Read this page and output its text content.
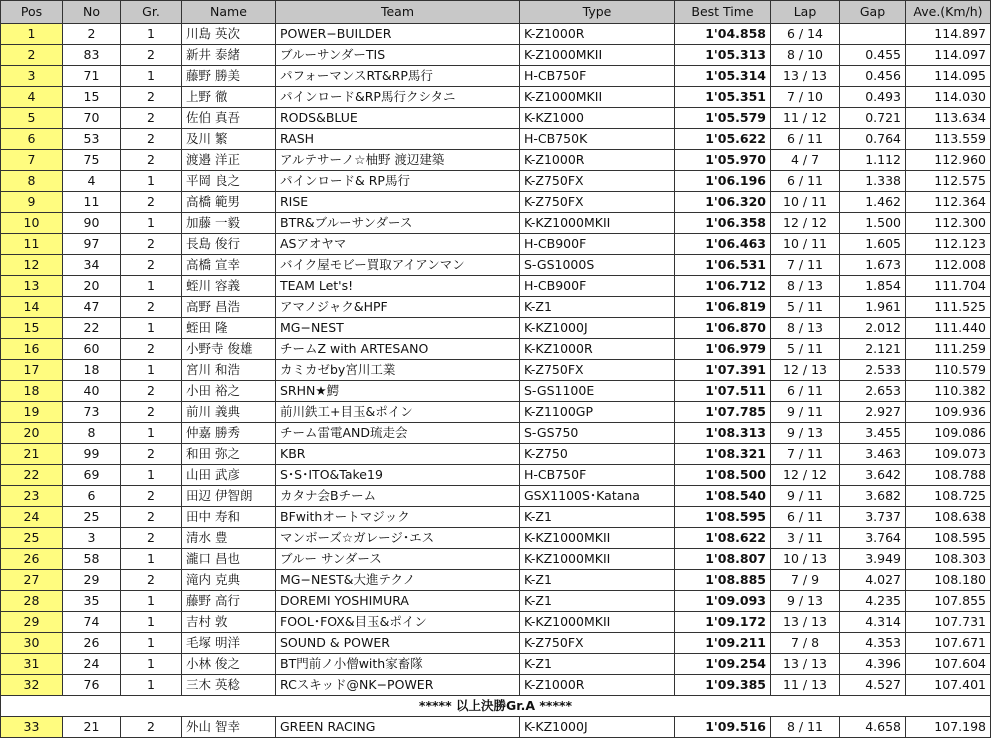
Pos	No	Gr.	Name	Team	Type	Best Time	Lap	Gap	Ave.(Km/h)
1	2	1	川島 英次	POWER−BUILDER	K-Z1000R	1'04.858	6 / 14		114.897
2	83	2	新井 泰緒	ブルーサンダーTIS	K-Z1000MKII	1'05.313	8 / 10	0.455	114.097
3	71	1	藤野 勝美	パフォーマンスRT&RP馬行	H-CB750F	1'05.314	13 / 13	0.456	114.095
4	15	2	上野 徹	パインロード&RP馬行クシタニ	K-Z1000MKII	1'05.351	7 / 10	0.493	114.030
5	70	2	佐伯 真吾	RODS&BLUE	K-KZ1000	1'05.579	11 / 12	0.721	113.634
6	53	2	及川 繁	RASH	H-CB750K	1'05.622	6 / 11	0.764	113.559
7	75	2	渡邉 洋正	アルテサーノ☆柚野 渡辺建築	K-Z1000R	1'05.970	4 / 7	1.112	112.960
8	4	1	平岡 良之	パインロード& RP馬行	K-Z750FX	1'06.196	6 / 11	1.338	112.575
9	11	2	高橋 範男	RISE	K-Z750FX	1'06.320	10 / 11	1.462	112.364
10	90	1	加藤 一毅	BTR&ブルーサンダース	K-KZ1000MKII	1'06.358	12 / 12	1.500	112.300
11	97	2	長島 俊行	ASアオヤマ	H-CB900F	1'06.463	10 / 11	1.605	112.123
12	34	2	高橋 宣幸	バイク屋モビー買取アイアンマン	S-GS1000S	1'06.531	7 / 11	1.673	112.008
13	20	1	蛭川 容義	TEAM Let's!	H-CB900F	1'06.712	8 / 13	1.854	111.704
14	47	2	高野 昌浩	アマノジャク&HPF	K-Z1	1'06.819	5 / 11	1.961	111.525
15	22	1	蛭田 隆	MG−NEST	K-KZ1000J	1'06.870	8 / 13	2.012	111.440
16	60	2	小野寺 俊雄	チームZ with ARTESANO	K-KZ1000R	1'06.979	5 / 11	2.121	111.259
17	18	1	宮川 和浩	カミカゼby宮川工業	K-Z750FX	1'07.391	12 / 13	2.533	110.579
18	40	2	小田 裕之	SRHN★鰐	S-GS1100E	1'07.511	6 / 11	2.653	110.382
19	73	2	前川 義典	前川鉄工+目玉&ポイン	K-Z1100GP	1'07.785	9 / 11	2.927	109.936
20	8	1	仲嘉 勝秀	チーム雷電AND琉走会	S-GS750	1'08.313	9 / 13	3.455	109.086
21	99	2	和田 弥之	KBR	K-Z750	1'08.321	7 / 11	3.463	109.073
22	69	1	山田 武彦	S･S･ITO&Take19	H-CB750F	1'08.500	12 / 12	3.642	108.788
23	6	2	田辺 伊智朗	カタナ会Bチーム	GSX1100S･Katana	1'08.540	9 / 11	3.682	108.725
24	25	2	田中 寿和	BFwithオートマジック	K-Z1	1'08.595	6 / 11	3.737	108.638
25	3	2	清水 豊	マンボーズ☆ガレージ･エス	K-KZ1000MKII	1'08.622	3 / 11	3.764	108.595
26	58	1	瀧口 昌也	ブルー サンダース	K-KZ1000MKII	1'08.807	10 / 13	3.949	108.303
27	29	2	滝内 克典	MG−NEST&大進テクノ	K-Z1	1'08.885	7 / 9	4.027	108.180
28	35	1	藤野 高行	DOREMI YOSHIMURA	K-Z1	1'09.093	9 / 13	4.235	107.855
29	74	1	吉村 敦	FOOL･FOX&目玉&ポイン	K-KZ1000MKII	1'09.172	13 / 13	4.314	107.731
30	26	1	毛塚 明洋	SOUND & POWER	K-Z750FX	1'09.211	7 / 8	4.353	107.671
31	24	1	小林 俊之	BT門前ノ小僧with家畜隊	K-Z1	1'09.254	13 / 13	4.396	107.604
32	76	1	三木 英稔	RCスキッド@NK−POWER	K-Z1000R	1'09.385	11 / 13	4.527	107.401
***** 以上決勝Gr.A *****									
33	21	2	外山 智幸	GREEN RACING	K-KZ1000J	1'09.516	8 / 11	4.658	107.198
